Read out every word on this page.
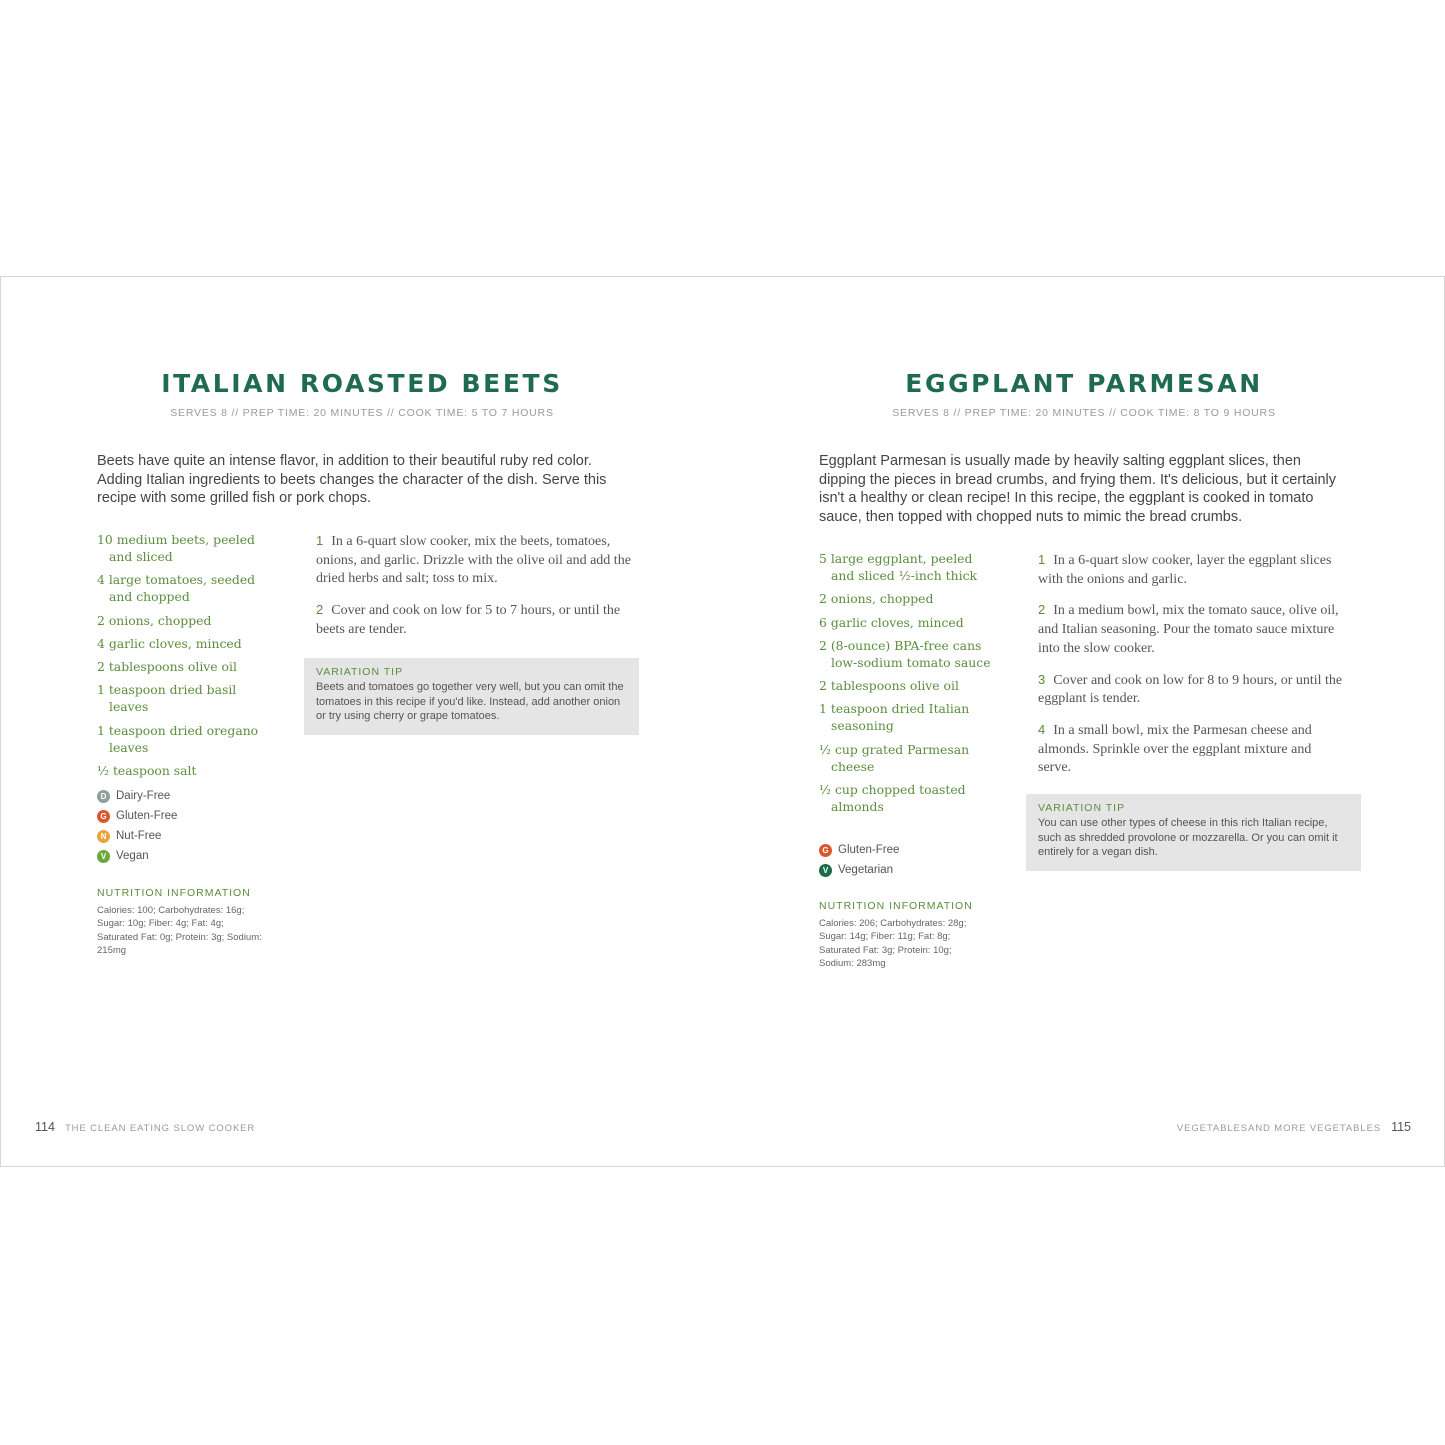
ITALIAN ROASTED BEETS
SERVES 8 // PREP TIME: 20 MINUTES // COOK TIME: 5 TO 7 HOURS

Beets have quite an intense flavor, in addition to their beautiful ruby red color. Adding Italian ingredients to beets changes the character of the dish. Serve this recipe with some grilled fish or pork chops.

10 medium beets, peeled and sliced
4 large tomatoes, seeded and chopped
2 onions, chopped
4 garlic cloves, minced
2 tablespoons olive oil
1 teaspoon dried basil leaves
1 teaspoon dried oregano leaves
½ teaspoon salt
1 In a 6-quart slow cooker, mix the beets, tomatoes, onions, and garlic. Drizzle with the olive oil and add the dried herbs and salt; toss to mix.
2 Cover and cook on low for 5 to 7 hours, or until the beets are tender.
VARIATION TIP
Beets and tomatoes go together very well, but you can omit the tomatoes in this recipe if you'd like. Instead, add another onion or try using cherry or grape tomatoes.
D Dairy-Free
G Gluten-Free
N Nut-Free
V Vegan
NUTRITION INFORMATION
Calories: 100; Carbohydrates: 16g; Sugar: 10g; Fiber: 4g; Fat: 4g; Saturated Fat: 0g; Protein: 3g; Sodium: 215mg
114 THE CLEAN EATING SLOW COOKER
EGGPLANT PARMESAN
SERVES 8 // PREP TIME: 20 MINUTES // COOK TIME: 8 TO 9 HOURS

Eggplant Parmesan is usually made by heavily salting eggplant slices, then dipping the pieces in bread crumbs, and frying them. It's delicious, but it certainly isn't a healthy or clean recipe! In this recipe, the eggplant is cooked in tomato sauce, then topped with chopped nuts to mimic the bread crumbs.

5 large eggplant, peeled and sliced ½-inch thick
2 onions, chopped
6 garlic cloves, minced
2 (8-ounce) BPA-free cans low-sodium tomato sauce
2 tablespoons olive oil
1 teaspoon dried Italian seasoning
½ cup grated Parmesan cheese
½ cup chopped toasted almonds
1 In a 6-quart slow cooker, layer the eggplant slices with the onions and garlic.
2 In a medium bowl, mix the tomato sauce, olive oil, and Italian seasoning. Pour the tomato sauce mixture into the slow cooker.
3 Cover and cook on low for 8 to 9 hours, or until the eggplant is tender.
4 In a small bowl, mix the Parmesan cheese and almonds. Sprinkle over the eggplant mixture and serve.
VARIATION TIP
You can use other types of cheese in this rich Italian recipe, such as shredded provolone or mozzarella. Or you can omit it entirely for a vegan dish.
G Gluten-Free
V Vegetarian
NUTRITION INFORMATION
Calories: 206; Carbohydrates: 28g; Sugar: 14g; Fiber: 11g; Fat: 8g; Saturated Fat: 3g; Protein: 10g; Sodium: 283mg
VEGETABLESAND MORE VEGETABLES 115
